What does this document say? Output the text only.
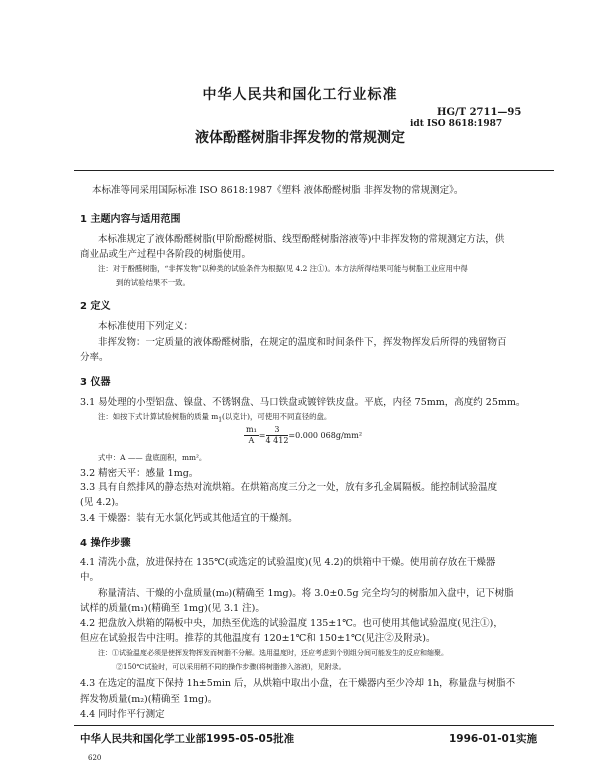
中华人民共和国化工行业标准
HG/T 2711—95
idt ISO 8618:1987
液体酚醛树脂非挥发物的常规测定
本标准等同采用国际标准 ISO 8618:1987《塑料 液体酚醛树脂 非挥发物的常规测定》。
1 主题内容与适用范围
本标准规定了液体酚醛树脂(甲阶酚醛树脂、线型酚醛树脂溶液等)中非挥发物的常规测定方法，供
商业品或生产过程中各阶段的树脂使用。
注：对于酚醛树脂，“非挥发物”以种类的试验条件为根据(见 4.2 注①)。本方法所得结果可能与树脂工业应用中得
到的试验结果不一致。
2 定义
本标准使用下列定义：
非挥发物：一定质量的液体酚醛树脂，在规定的温度和时间条件下，挥发物挥发后所得的残留物百
分率。
3 仪器
3.1 易处理的小型铝盘、镍盘、不锈钢盘、马口铁盘或镀锌铁皮盘。平底，内径 75mm，高度约 25mm。
注：如按下式计算试验树脂的质量 $m_1$(以克计)，可使用不同直径的盘。
$\frac{\text{m₁}}{A} = \frac{3}{4 412} =0.000$ 068g/mm²
式中：A —— 盘底面积，mm²。
3.2 精密天平：感量 1mg。
3.3 具有自然排风的静态热对流烘箱。在烘箱高度三分之一处，放有多孔金属隔板。能控制试验温度
(见 4.2)。
3.4 干燥器：装有无水氯化钙或其他适宜的干燥剂。
4 操作步骤
4.1 清洗小盘，放进保持在 135℃(或选定的试验温度)(见 4.2)的烘箱中干燥。使用前存放在干燥器
中。
称量清洁、干燥的小盘质量(m₀)(精确至 1mg)。将 3.0±0.5g 完全均匀的树脂加入盘中，记下树脂
试样的质量(m₁)(精确至 1mg)(见 3.1 注)。
4.2 把盘放入烘箱的隔板中央，加热至优选的试验温度 135±1℃。也可使用其他试验温度(见注①)，
但应在试验报告中注明。推荐的其他温度有 120±1℃和 150±1℃(见注②及附录)。
注：①试验温度必须是使挥发物挥发而树脂不分解。选用温度时，还应考虑到个别组分间可能发生的反应和缩聚。
②150℃试验时，可以采用稍不同的操作步骤(将树脂掺入溶液)，见附录。
4.3 在选定的温度下保持 1h±5min 后，从烘箱中取出小盘，在干燥器内至少冷却 1h，称量盘与树脂不
挥发物质量(m₂)(精确至 1mg)。
4.4 同时作平行测定
中华人民共和国化学工业部1995-05-05批准	1996-01-01实施
620
